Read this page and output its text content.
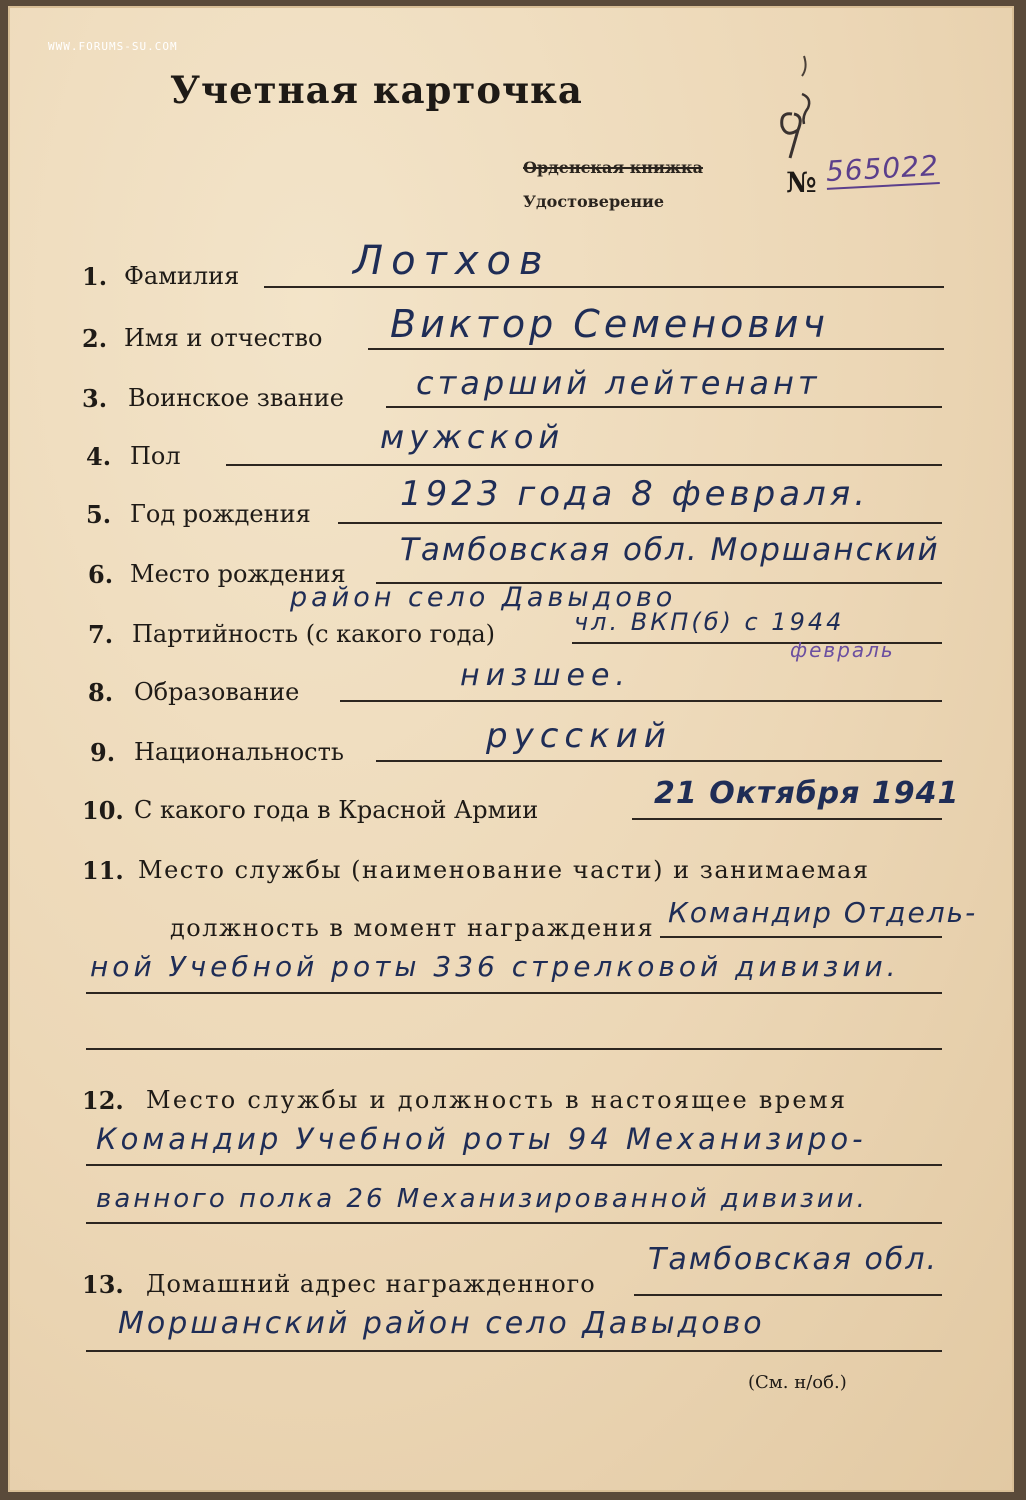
WWW.FORUMS-SU.COM
Учетная карточка
Орденская книжка
Удостоверение
№ 565022
1. Фамилия	Лотхов
2. Имя и отчество Виктор Семенович
3. Воинское звание старший лейтенант
4. Пол	мужской
5. Год рождения	1923 года 8 февраля.
6. Место рождения
Тамбовская обл. Моршанский
район село Давыдово
7. Партийность (с какого года)	чл. ВКП(б) с 1944
февраль
8. Образование	низшее.
9. Национальность	русский
10. С какого года в Красной Армии	21 Октября 1941
11. Место службы (наименование части) и занимаемая
должность в момент награждения Командир Отдель-
ной Учебной роты 336 стрелковой дивизии.
12. Место службы и должность в настоящее время
Командир Учебной роты 94 Механизиро-
ванного полка 26 Механизированной дивизии.
13. Домашний адрес награжденного
Тамбовская обл.
Моршанский район село Давыдово
(См. н/об.)
